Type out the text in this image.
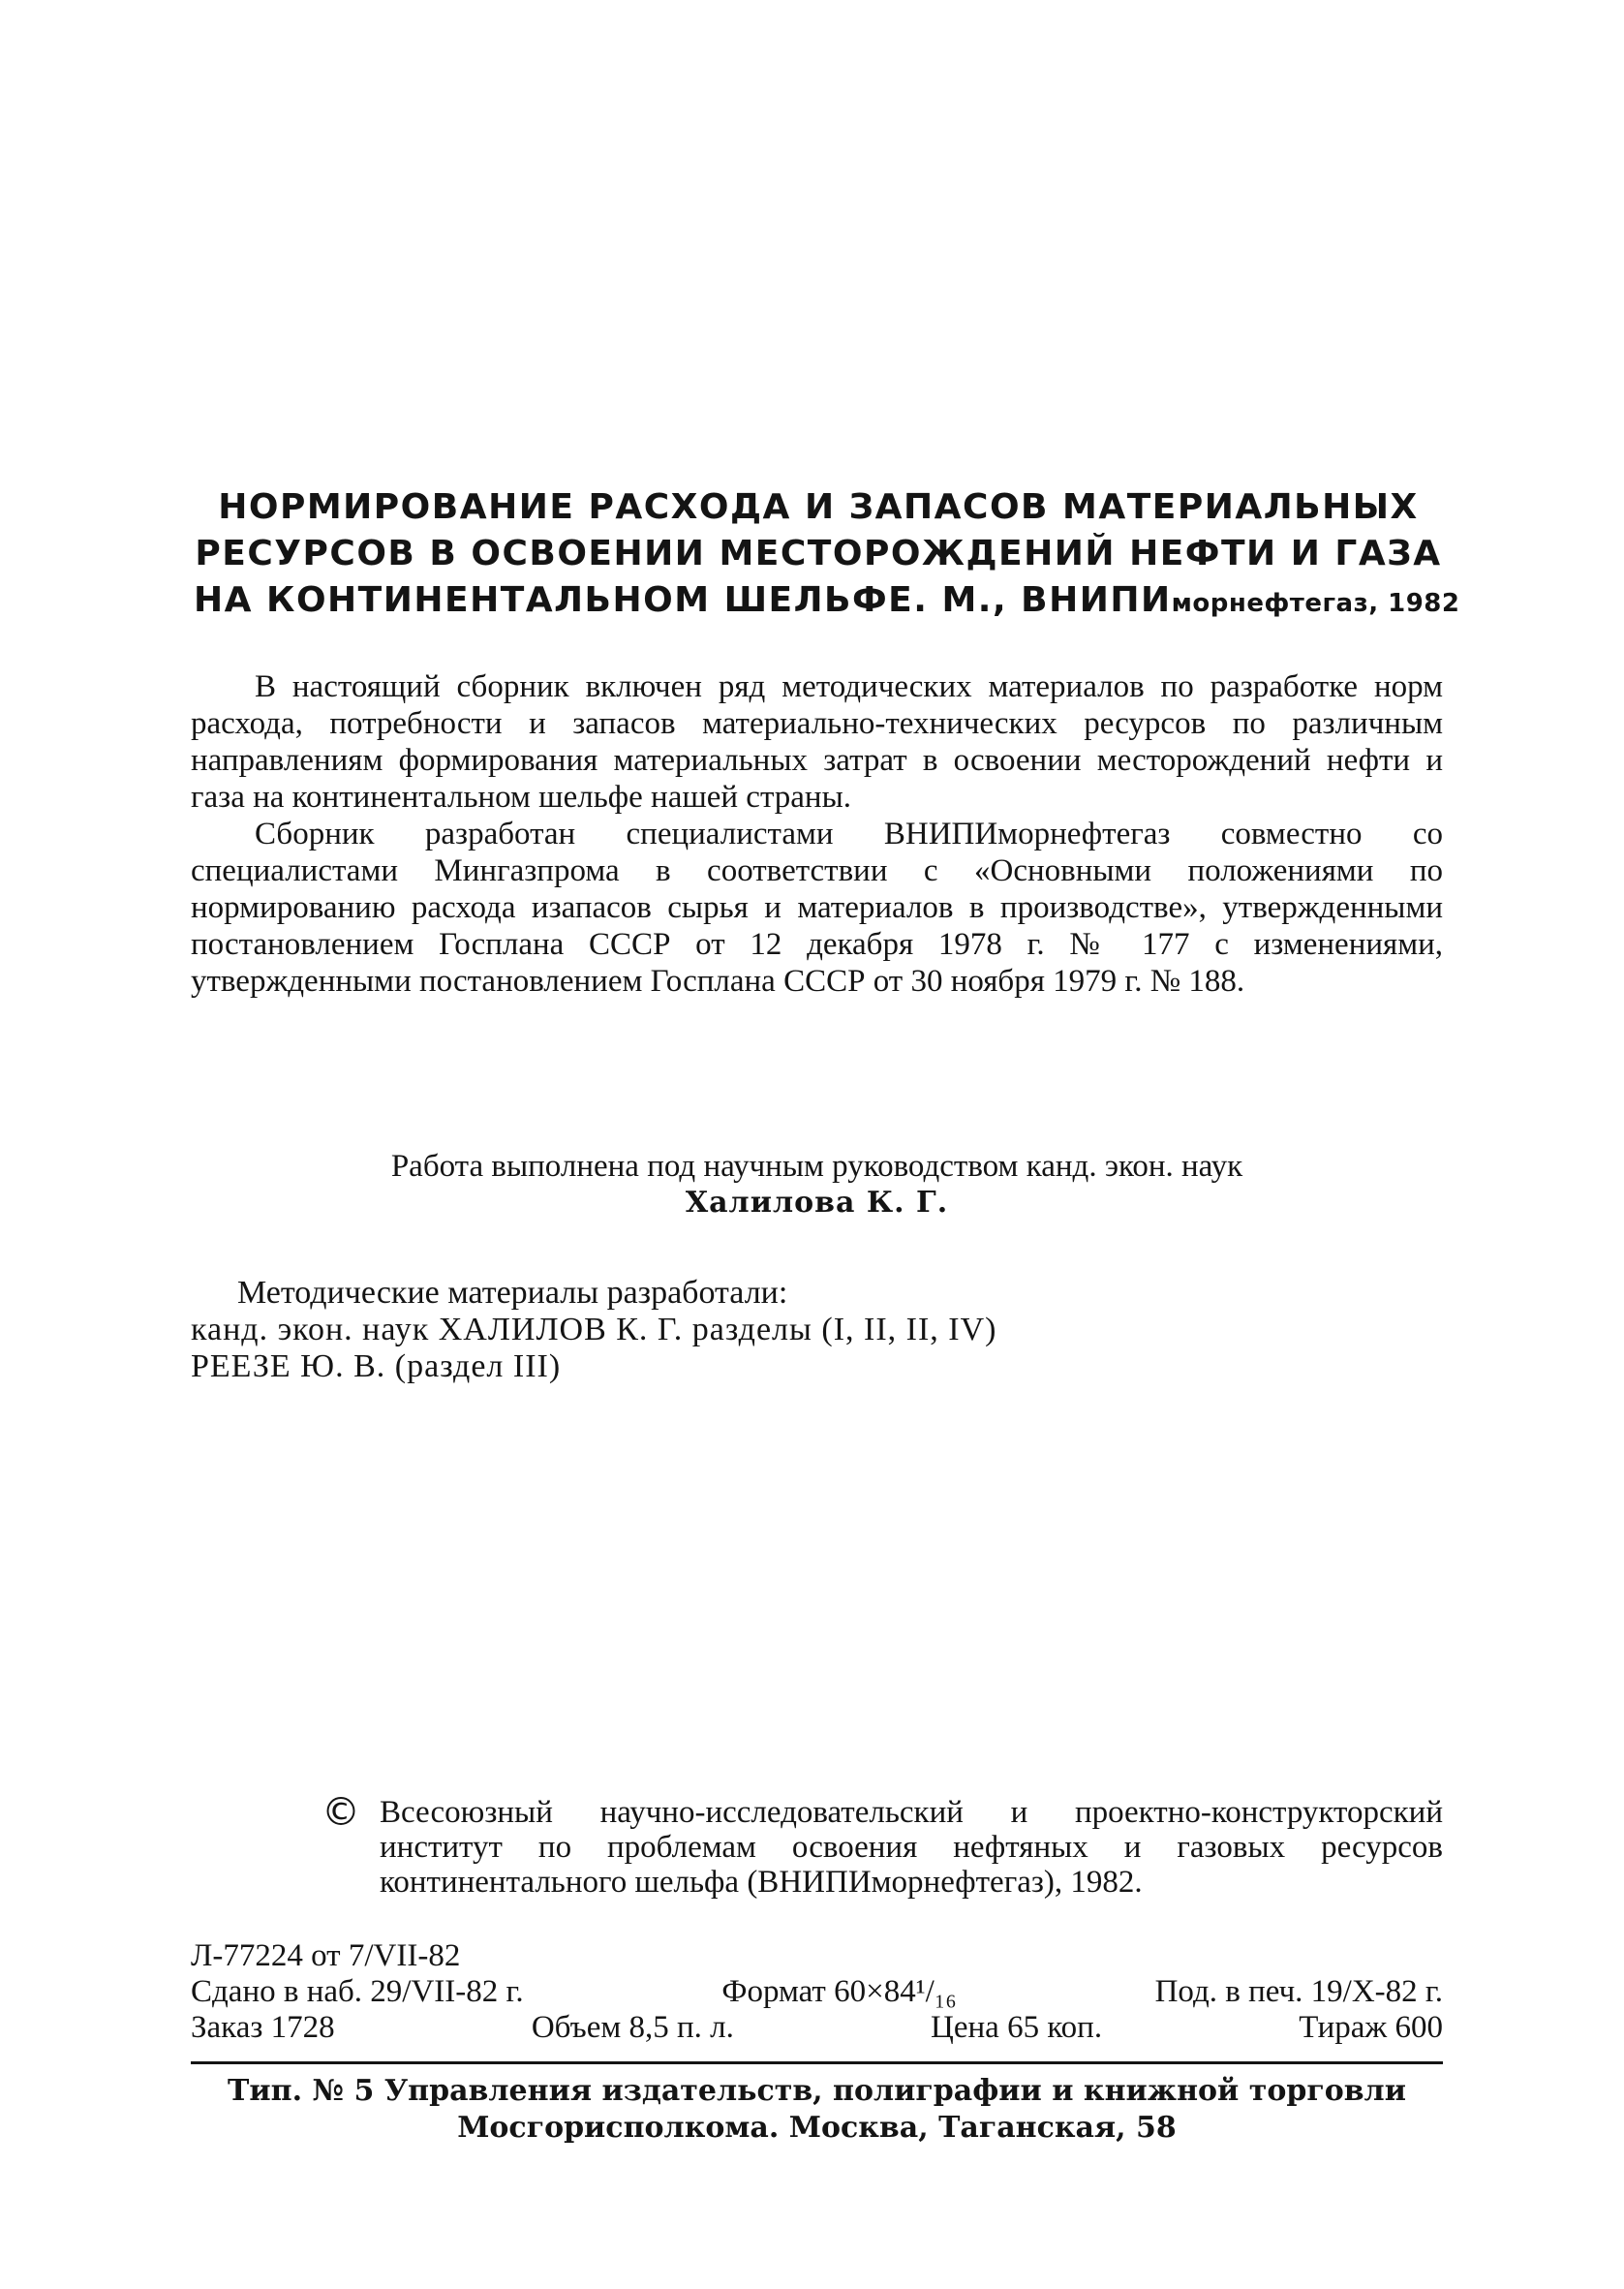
НОРМИРОВАНИЕ РАСХОДА И ЗАПАСОВ МАТЕРИАЛЬНЫХ
РЕСУРСОВ В ОСВОЕНИИ МЕСТОРОЖДЕНИЙ НЕФТИ И ГАЗА
НА КОНТИНЕНТАЛЬНОМ ШЕЛЬФЕ. М., ВНИПИморнефтегаз, 1982

В настоящий сборник включен ряд методических материалов по разработке норм расхода, потребности и запасов материально-технических ресурсов по различным направлениям формирования материальных затрат в освоении месторождений нефти и газа на континентальном шельфе нашей страны.

Сборник разработан специалистами ВНИПИморнефтегаз совместно со специалистами Мингазпрома в соответствии с «Основными положениями по нормированию расхода изапасов сырья и материалов в производстве», утвержденными постановлением Госплана СССР от 12 декабря 1978 г. № 177 с изменениями, утвержденными постановлением Госплана СССР от 30 ноября 1979 г. № 188.

Работа выполнена под научным руководством канд. экон. наук
Халилова К. Г.
Методические материалы разработали:
канд. экон. наук ХАЛИЛОВ К. Г. разделы (I, II, II, IV)
РЕЕЗЕ Ю. В. (раздел III)
© Всесоюзный научно-исследовательский и проектно-конструкторский институт по проблемам освоения нефтяных и газовых ресурсов континентального шельфа (ВНИПИморнефтегаз), 1982.
Л-77224 от 7/VII-82
Сдано в наб. 29/VII-82 г.	Формат 60×84¹/₁₆	Под. в печ. 19/X-82 г.
Заказ 1728	Объем 8,5 п. л.	Цена 65 коп.	Тираж 600
Тип. № 5 Управления издательств, полиграфии и книжной торговли
Мосгорисполкома. Москва, Таганская, 58
